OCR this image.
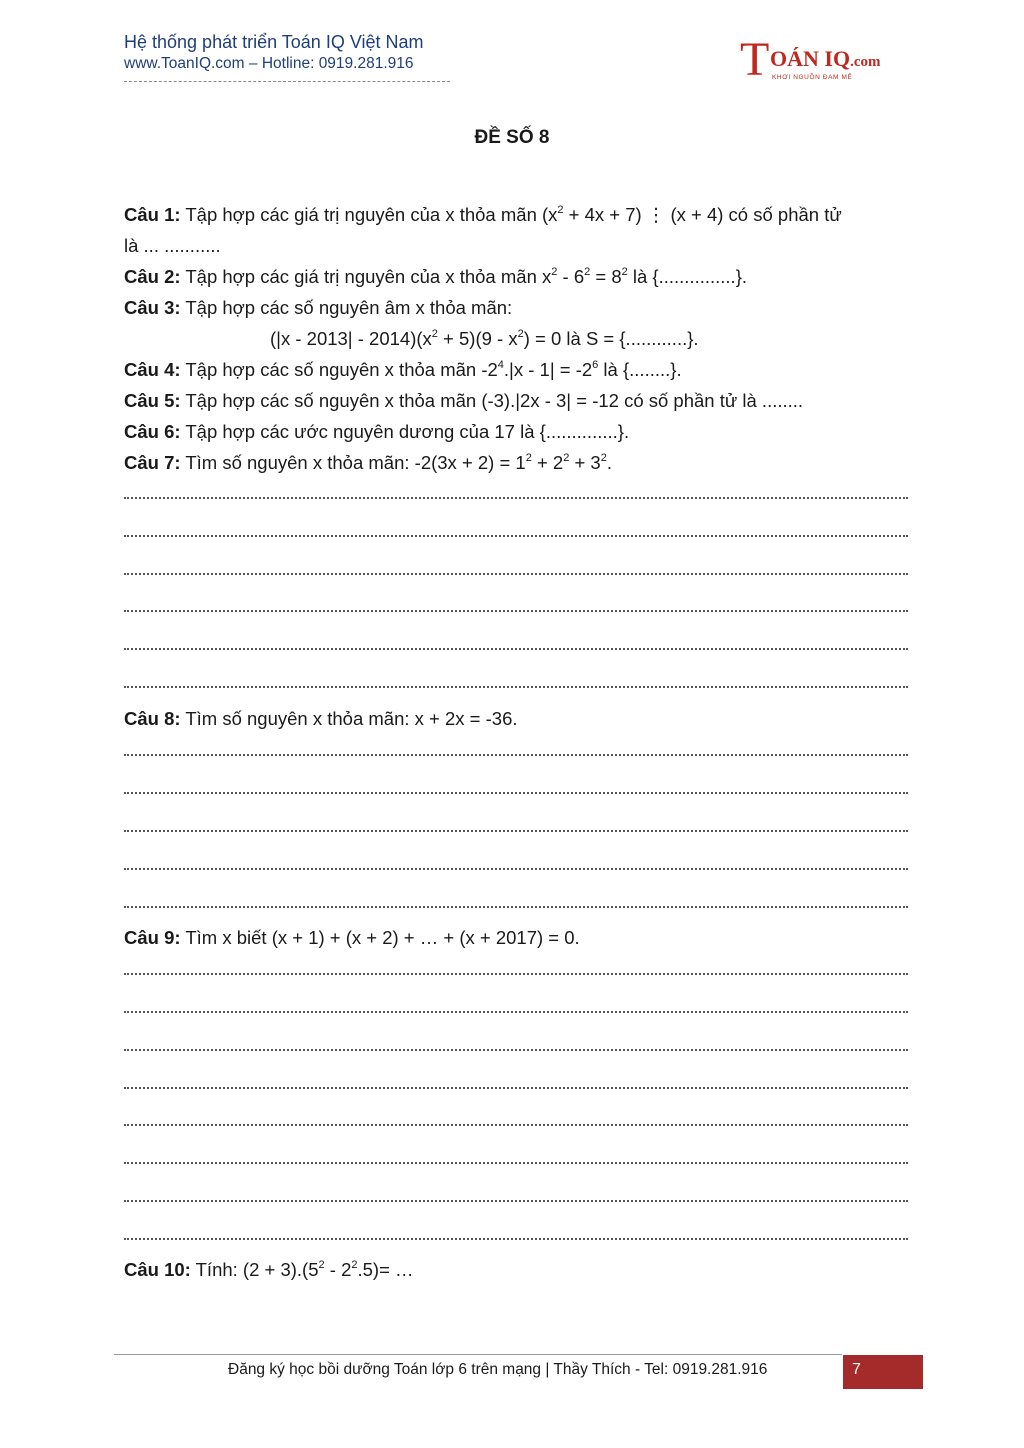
Hệ thống phát triển Toán IQ Việt Nam
www.ToanIQ.com – Hotline: 0919.281.916	T OÁN IQ.com
KHƠI NGUỒN ĐAM MÊ
ĐỀ SỐ 8
Câu 1: Tập hợp các giá trị nguyên của x thỏa mãn $(x^2 + 4x + 7)$ ⋮ (x + 4) có số phần tử
là ... ...........
Câu 2: Tập hợp các giá trị nguyên của x thỏa mãn $x^2 - 6^2 = 8^2$ là {...............}.
Câu 3: Tập hợp các số nguyên âm x thỏa mãn:
$(|x - 2013| - 2014)(x^2 + 5)(9 - x^2) = 0$ là S = {............}.
Câu 4: Tập hợp các số nguyên x thỏa mãn $-2^4.|x - 1| = -2^6$ là {........}.
Câu 5: Tập hợp các số nguyên x thỏa mãn (-3).|2x - 3| = -12 có số phần tử là ........
Câu 6: Tập hợp các ước nguyên dương của 17 là {..............}.
Câu 7: Tìm số nguyên x thỏa mãn: $-2(3x + 2) = 1^2 + 2^2 + 3^2$.
Câu 8: Tìm số nguyên x thỏa mãn: x + 2x = -36.
Câu 9: Tìm x biết (x + 1) + (x + 2) + … + (x + 2017) = 0.
Câu 10: Tính: $(2 + 3).(5^2 - 2^2.5)=$ …
Đăng ký học bồi dưỡng Toán lớp 6 trên mạng | Thầy Thích - Tel: 0919.281.916	7
